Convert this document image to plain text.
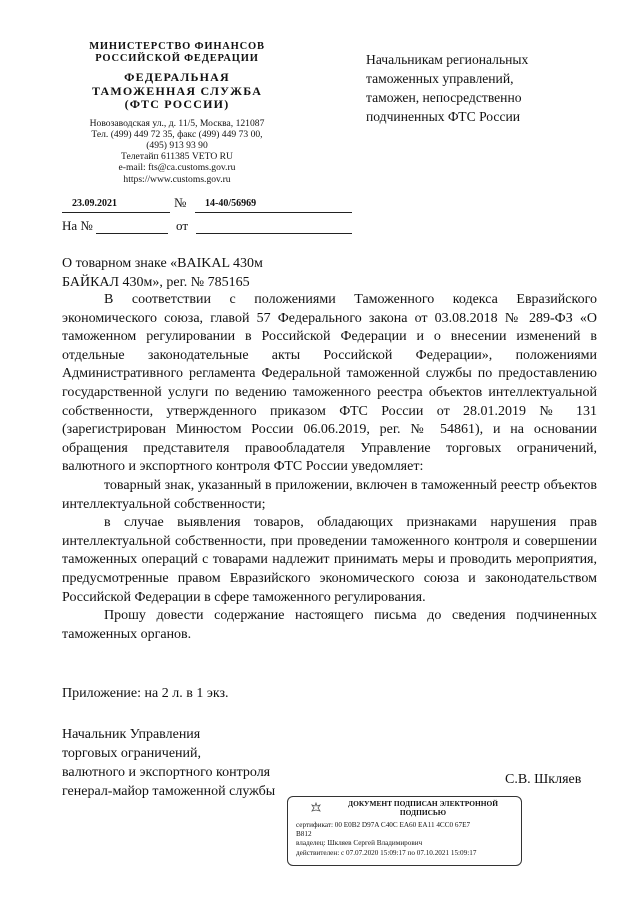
МИНИСТЕРСТВО ФИНАНСОВ
РОССИЙСКОЙ ФЕДЕРАЦИИ
ФЕДЕРАЛЬНАЯ
ТАМОЖЕННАЯ СЛУЖБА
(ФТС РОССИИ)
Новозаводская ул., д. 11/5, Москва, 121087
Тел. (499) 449 72 35, факс (499) 449 73 00,
(495) 913 93 90
Телетайп 611385 VETO RU
e-mail: fts@ca.customs.gov.ru
https://www.customs.gov.ru
23.09.2021	№ 14-40/56969
На №	от
Начальникам региональных
таможенных управлений,
таможен, непосредственно
подчиненных ФТС России
О товарном знаке «BAIKAL 430м
БАЙКАЛ 430м», рег. № 785165

В соответствии с положениями Таможенного кодекса Евразийского экономического союза, главой 57 Федерального закона от 03.08.2018 № 289-ФЗ «О таможенном регулировании в Российской Федерации и о внесении изменений в отдельные законодательные акты Российской Федерации», положениями Административного регламента Федеральной таможенной службы по предоставлению государственной услуги по ведению таможенного реестра объектов интеллектуальной собственности, утвержденного приказом ФТС России от 28.01.2019 № 131 (зарегистрирован Минюстом России 06.06.2019, рег. № 54861), и на основании обращения представителя правообладателя Управление торговых ограничений, валютного и экспортного контроля ФТС России уведомляет:

товарный знак, указанный в приложении, включен в таможенный реестр объектов интеллектуальной собственности;

в случае выявления товаров, обладающих признаками нарушения прав интеллектуальной собственности, при проведении таможенного контроля и совершении таможенных операций с товарами надлежит принимать меры и проводить мероприятия, предусмотренные правом Евразийского экономического союза и законодательством Российской Федерации в сфере таможенного регулирования.

Прошу довести содержание настоящего письма до сведения подчиненных таможенных органов.

Приложение: на 2 л. в 1 экз.
Начальник Управления
торговых ограничений,
валютного и экспортного контроля
генерал-майор таможенной службы
С.В. Шкляев
ДОКУМЕНТ ПОДПИСАН ЭЛЕКТРОННОЙ
ПОДПИСЬЮ
сертификат: 00 E0B2 D97A C40C EA60 EA11 4CC0 67E7
B812
владелец: Шкляев Сергей Владимирович
действителен: с 07.07.2020 15:09:17 по 07.10.2021 15:09:17
